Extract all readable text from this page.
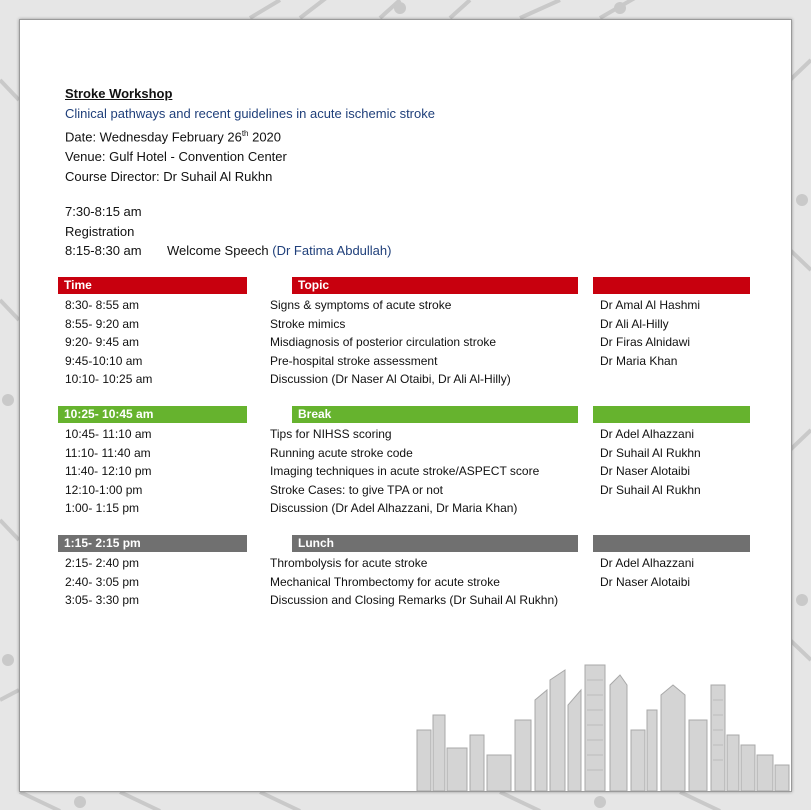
Stroke Workshop
Clinical pathways and recent guidelines in acute ischemic stroke
Date: Wednesday February 26th 2020
Venue: Gulf Hotel - Convention Center
Course Director: Dr Suhail Al Rukhn
7:30-8:15 am
Registration
8:15-8:30 am Welcome Speech (Dr Fatima Abdullah)
Time	Topic
8:30- 8:55 am	Signs & symptoms of acute stroke	Dr Amal Al Hashmi
8:55- 9:20 am	Stroke mimics	Dr Ali Al-Hilly
9:20- 9:45 am	Misdiagnosis of posterior circulation stroke	Dr Firas Alnidawi
9:45-10:10 am	Pre-hospital stroke assessment	Dr Maria Khan
10:10- 10:25 am	Discussion (Dr Naser Al Otaibi, Dr Ali Al-Hilly)
10:25- 10:45 am	Break
10:45- 11:10 am	Tips for NIHSS scoring	Dr Adel Alhazzani
11:10- 11:40 am	Running acute stroke code	Dr Suhail Al Rukhn
11:40- 12:10 pm	Imaging techniques in acute stroke/ASPECT score	Dr Naser Alotaibi
12:10-1:00 pm	Stroke Cases: to give TPA or not	Dr Suhail Al Rukhn
1:00- 1:15 pm	Discussion (Dr Adel Alhazzani, Dr Maria Khan)
1:15- 2:15 pm	Lunch
2:15- 2:40 pm	Thrombolysis for acute stroke	Dr Adel Alhazzani
2:40- 3:05 pm	Mechanical Thrombectomy for acute stroke	Dr Naser Alotaibi
3:05- 3:30 pm	Discussion and Closing Remarks (Dr Suhail Al Rukhn)
